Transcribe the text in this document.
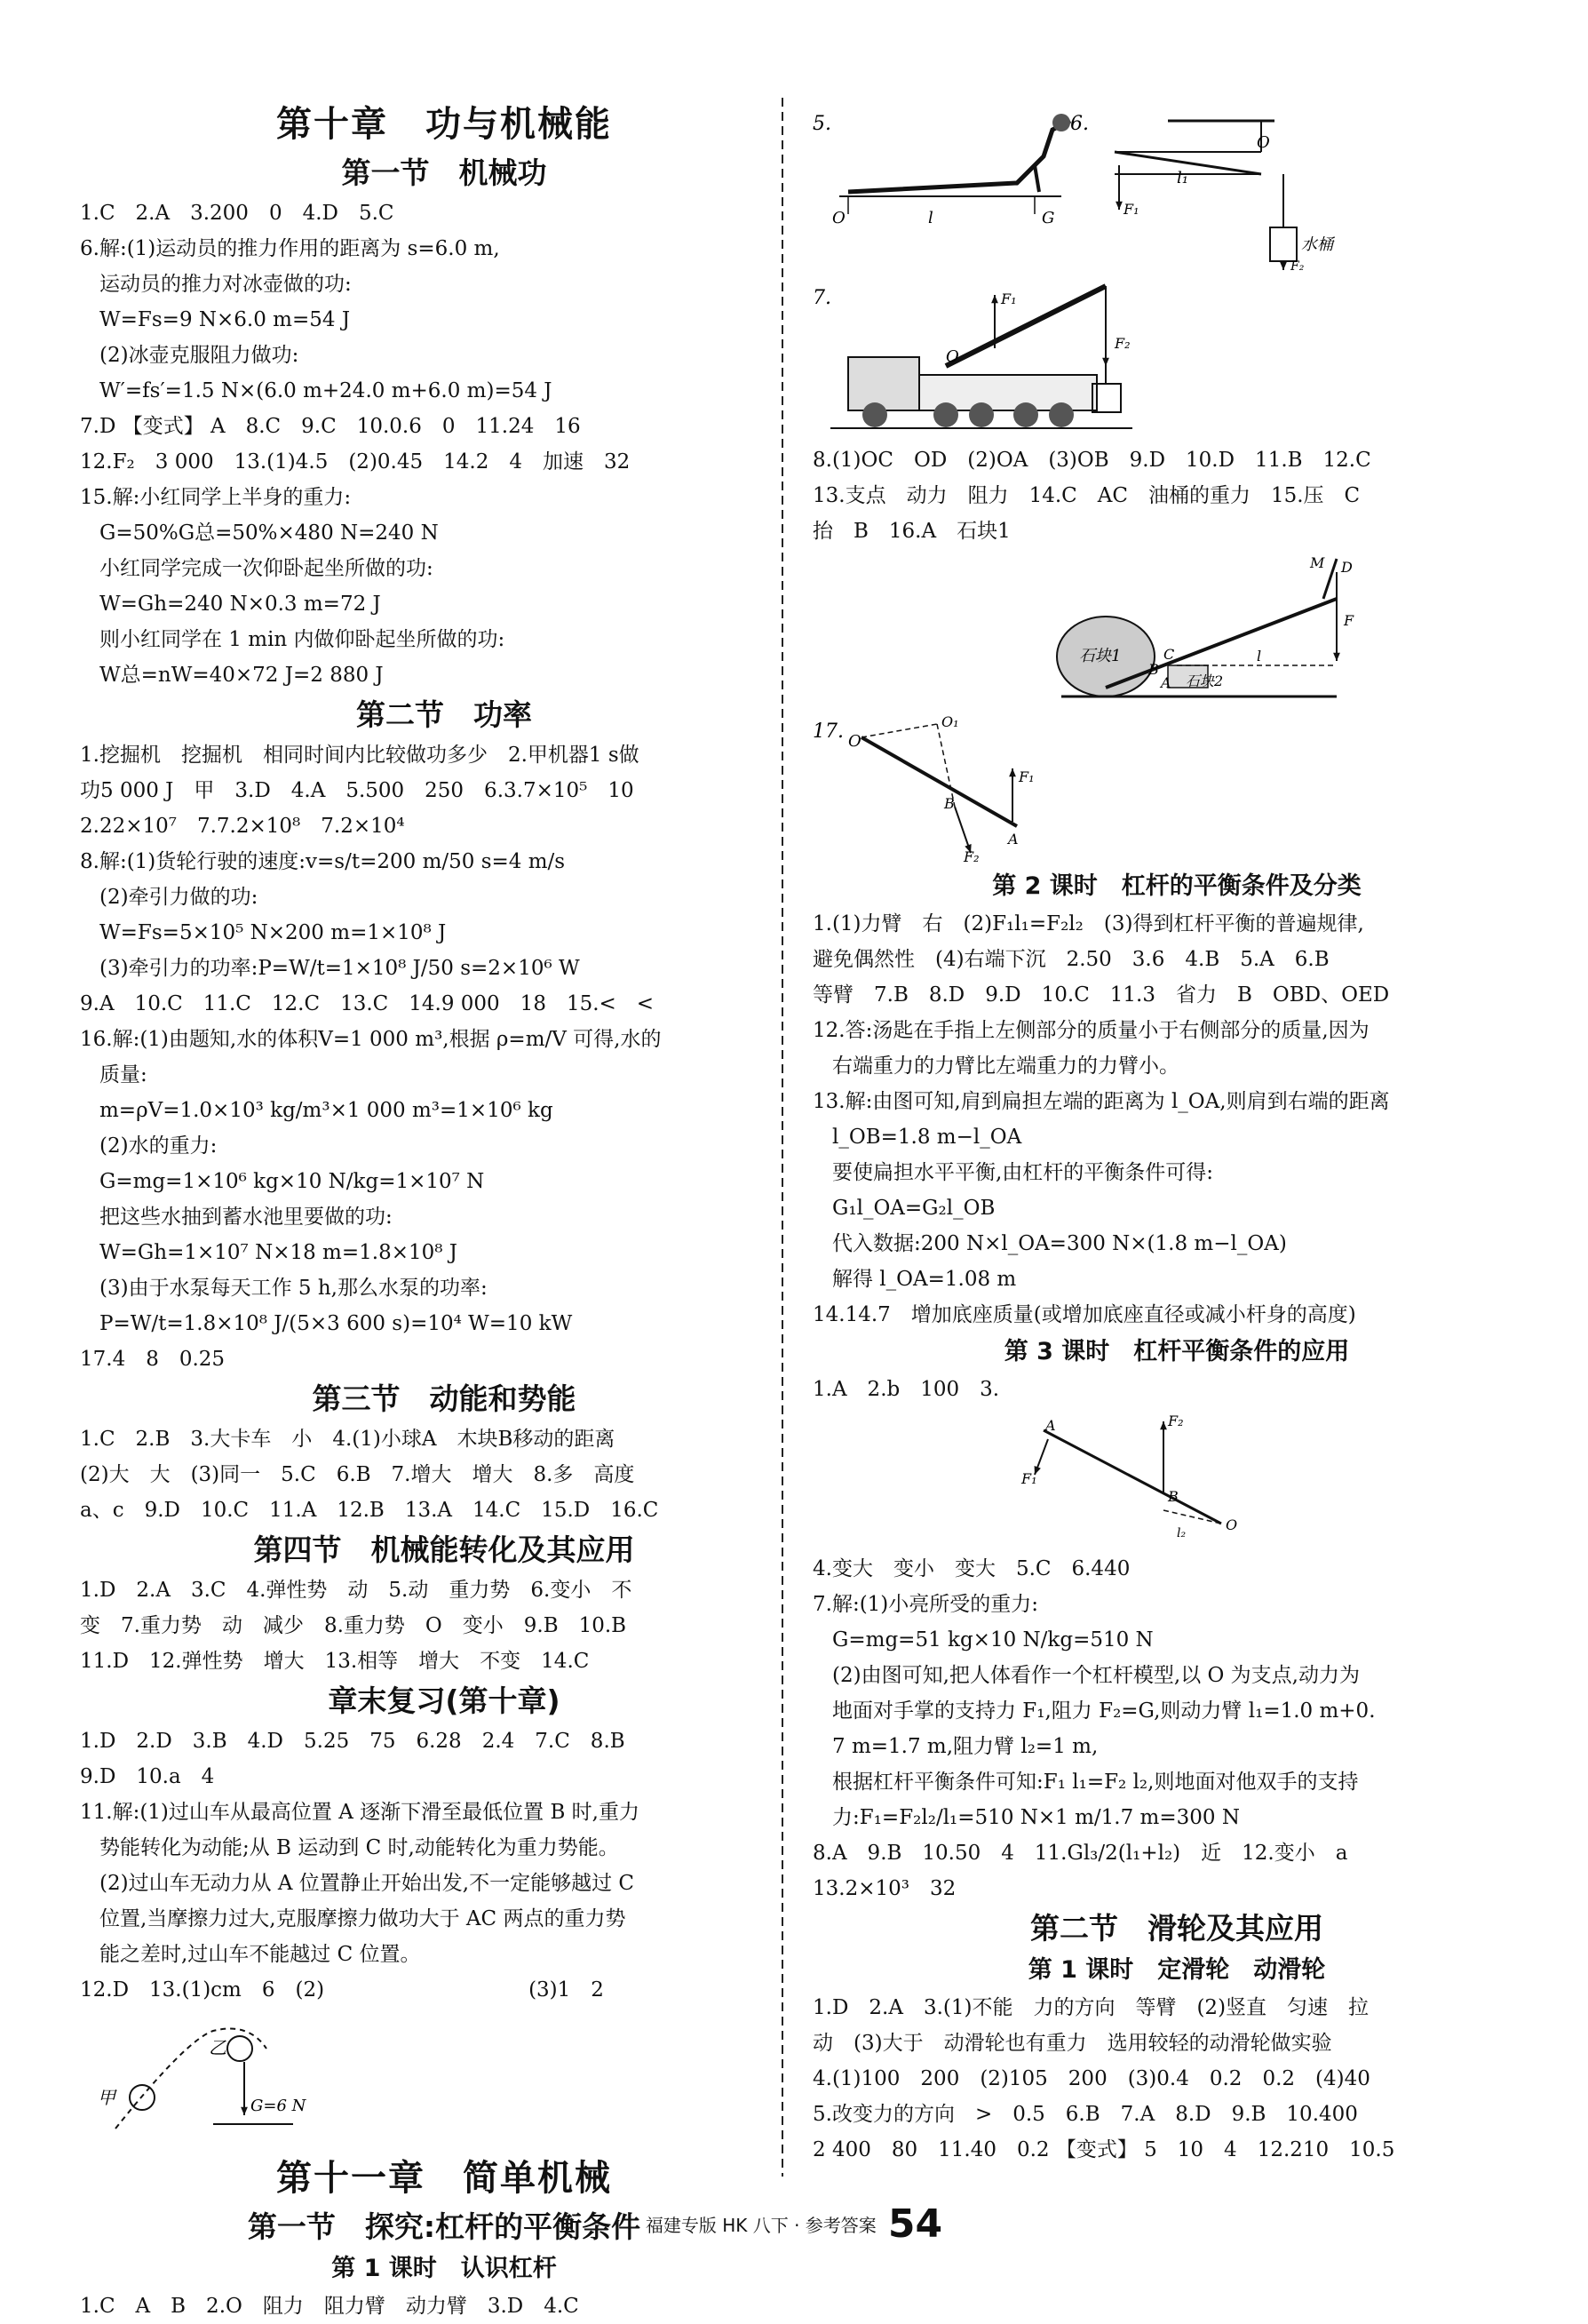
第十章　功与机械能
第一节　机械功
1.C　2.A　3.200　0　4.D　5.C
6.解:(1)运动员的推力作用的距离为 s=6.0 m,
运动员的推力对冰壶做的功:
W=Fs=9 N×6.0 m=54 J
(2)冰壶克服阻力做功:
W′=fs′=1.5 N×(6.0 m+24.0 m+6.0 m)=54 J
7.D 【变式】 A　8.C　9.C　10.0.6　0　11.24　16
12.F₂　3 000　13.(1)4.5　(2)0.45　14.2　4　加速　32
15.解:小红同学上半身的重力:
G=50%G总=50%×480 N=240 N
小红同学完成一次仰卧起坐所做的功:
W=Gh=240 N×0.3 m=72 J
则小红同学在 1 min 内做仰卧起坐所做的功:
W总=nW=40×72 J=2 880 J
第二节　功率
1.挖掘机　挖掘机　相同时间内比较做功多少　2.甲机器1 s做
功5 000 J　甲　3.D　4.A　5.500　250　6.3.7×10⁵　10
2.22×10⁷　7.7.2×10⁸　7.2×10⁴
8.解:(1)货轮行驶的速度:v=s/t=200 m/50 s=4 m/s
(2)牵引力做的功:
W=Fs=5×10⁵ N×200 m=1×10⁸ J
(3)牵引力的功率:P=W/t=1×10⁸ J/50 s=2×10⁶ W
9.A　10.C　11.C　12.C　13.C　14.9 000　18　15.<　<
16.解:(1)由题知,水的体积V=1 000 m³,根据 ρ=m/V 可得,水的
质量:
m=ρV=1.0×10³ kg/m³×1 000 m³=1×10⁶ kg
(2)水的重力:
G=mg=1×10⁶ kg×10 N/kg=1×10⁷ N
把这些水抽到蓄水池里要做的功:
W=Gh=1×10⁷ N×18 m=1.8×10⁸ J
(3)由于水泵每天工作 5 h,那么水泵的功率:
P=W/t=1.8×10⁸ J/(5×3 600 s)=10⁴ W=10 kW
17.4　8　0.25
第三节　动能和势能
1.C　2.B　3.大卡车　小　4.(1)小球A　木块B移动的距离
(2)大　大　(3)同一　5.C　6.B　7.增大　增大　8.多　高度
a、c　9.D　10.C　11.A　12.B　13.A　14.C　15.D　16.C
第四节　机械能转化及其应用
1.D　2.A　3.C　4.弹性势　动　5.动　重力势　6.变小　不
变　7.重力势　动　减少　8.重力势　O　变小　9.B　10.B
11.D　12.弹性势　增大　13.相等　增大　不变　14.C
章末复习(第十章)
1.D　2.D　3.B　4.D　5.25　75　6.28　2.4　7.C　8.B
9.D　10.a　4
11.解:(1)过山车从最高位置 A 逐渐下滑至最低位置 B 时,重力
势能转化为动能;从 B 运动到 C 时,动能转化为重力势能。
(2)过山车无动力从 A 位置静止开始出发,不一定能够越过 C
位置,当摩擦力过大,克服摩擦力做功大于 AC 两点的重力势
能之差时,过山车不能越过 C 位置。
12.D　13.(1)cm　6　(2)　　　　　　　　　　(3)1　2
甲
乙
G=6 N
第十一章　简单机械
第一节　探究:杠杆的平衡条件
第 1 课时　认识杠杆
1.C　A　B　2.O　阻力　阻力臂　动力臂　3.D　4.C
5.
O	l	G
6.
O
l₁
F₁
水桶
F₂
7.	F₁
F₂
O
8.(1)OC　OD　(2)OA　(3)OB　9.D　10.D　11.B　12.C
13.支点　动力　阻力　14.C　AC　油桶的重力　15.压　C
抬　B　16.A　石块1
石块1
M D
F
石块2
B
C
A
l
17. O
O₁
F₁
B
A
F₂
第 2 课时　杠杆的平衡条件及分类
1.(1)力臂　右　(2)F₁l₁=F₂l₂　(3)得到杠杆平衡的普遍规律,
避免偶然性　(4)右端下沉　2.50　3.6　4.B　5.A　6.B
等臂　7.B　8.D　9.D　10.C　11.3　省力　B　OBD、OED
12.答:汤匙在手指上左侧部分的质量小于右侧部分的质量,因为
右端重力的力臂比左端重力的力臂小。
13.解:由图可知,肩到扁担左端的距离为 l_OA,则肩到右端的距离
l_OB=1.8 m−l_OA
要使扁担水平平衡,由杠杆的平衡条件可得:
G₁l_OA=G₂l_OB
代入数据:200 N×l_OA=300 N×(1.8 m−l_OA)
解得 l_OA=1.08 m
14.14.7　增加底座质量(或增加底座直径或减小杆身的高度)
第 3 课时　杠杆平衡条件的应用
1.A　2.b　100　3.
A
F₁
F₂
B
O
l₂
4.变大　变小　变大　5.C　6.440
7.解:(1)小亮所受的重力:
G=mg=51 kg×10 N/kg=510 N
(2)由图可知,把人体看作一个杠杆模型,以 O 为支点,动力为
地面对手掌的支持力 F₁,阻力 F₂=G,则动力臂 l₁=1.0 m+0.
7 m=1.7 m,阻力臂 l₂=1 m,
根据杠杆平衡条件可知:F₁ l₁=F₂ l₂,则地面对他双手的支持
力:F₁=F₂l₂/l₁=510 N×1 m/1.7 m=300 N
8.A　9.B　10.50　4　11.Gl₃/2(l₁+l₂)　近　12.变小　a
13.2×10³　32
第二节　滑轮及其应用
第 1 课时　定滑轮　动滑轮
1.D　2.A　3.(1)不能　力的方向　等臂　(2)竖直　匀速　拉
动　(3)大于　动滑轮也有重力　选用较轻的动滑轮做实验
4.(1)100　200　(2)105　200　(3)0.4　0.2　0.2　(4)40
5.改变力的方向　>　0.5　6.B　7.A　8.D　9.B　10.400
2 400　80　11.40　0.2 【变式】 5　10　4　12.210　10.5
福建专版 HK 八下 · 参考答案 54
